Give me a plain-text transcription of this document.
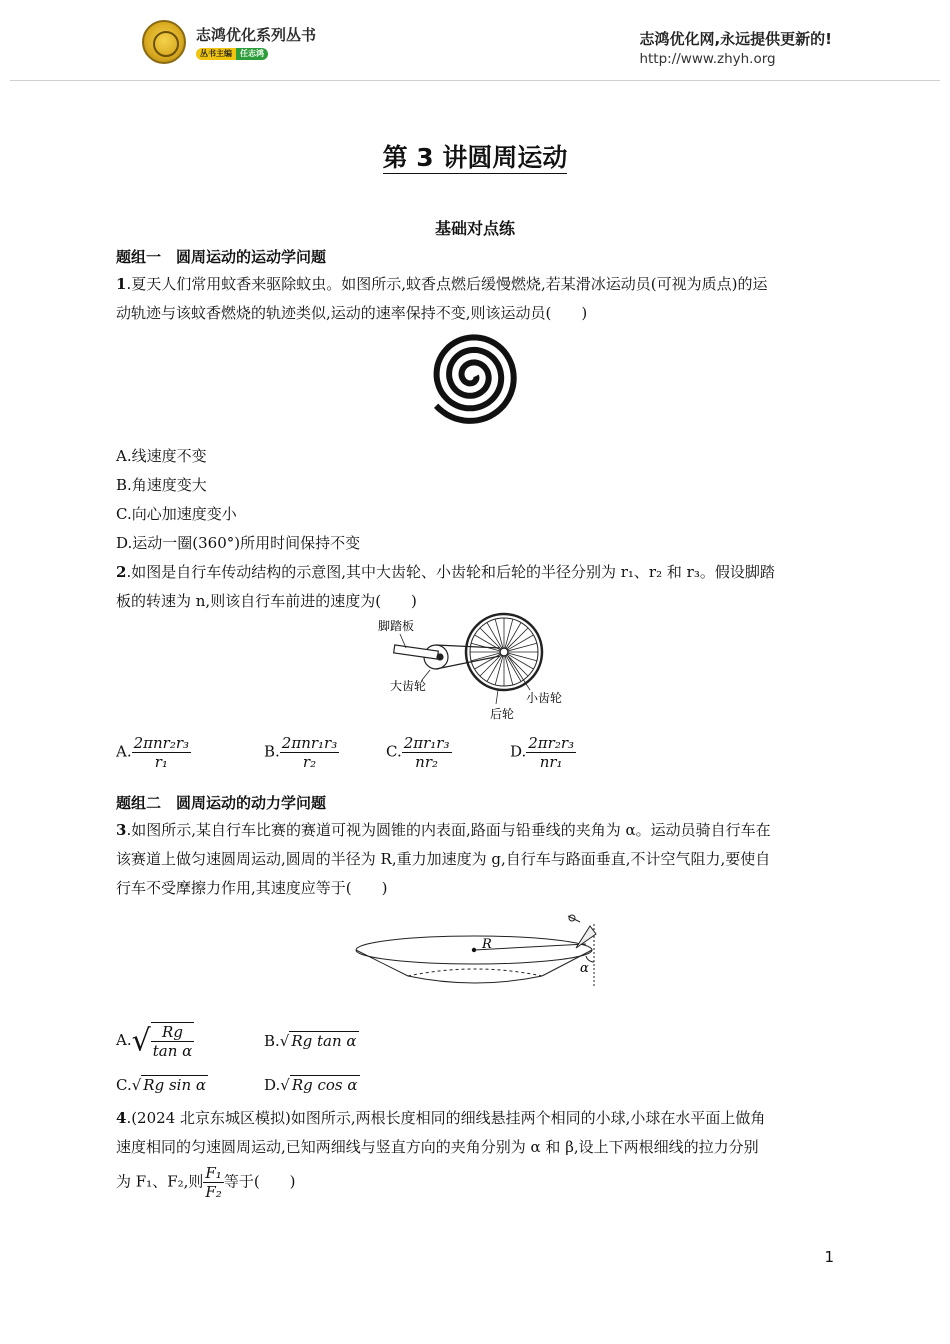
志鸿优化系列丛书
丛书主编	任志鸿
志鸿优化网,永远提供更新的!
http://www.zhyh.org
第 3 讲圆周运动
基础对点练
题组一　圆周运动的运动学问题
1.夏天人们常用蚊香来驱除蚊虫。如图所示,蚊香点燃后缓慢燃烧,若某滑冰运动员(可视为质点)的运
动轨迹与该蚊香燃烧的轨迹类似,运动的速率保持不变,则该运动员(　　)
A.线速度不变
B.角速度变大
C.向心加速度变小
D.运动一圈(360°)所用时间保持不变
2.如图是自行车传动结构的示意图,其中大齿轮、小齿轮和后轮的半径分别为 r₁、r₂ 和 r₃。假设脚踏
板的转速为 n,则该自行车前进的速度为(　　)
脚踏板
大齿轮
小齿轮
后轮
A. $\frac{\text{2πnr₂r₃}}{\text{r₁}}$	B. $\frac{\text{2πnr₁r₃}}{\text{r₂}}$	C. $\frac{\text{2πr₁r₃}}{\text{nr₂}}$	D. $\frac{\text{2πr₂r₃}}{\text{nr₁}}$
题组二　圆周运动的动力学问题
3.如图所示,某自行车比赛的赛道可视为圆锥的内表面,路面与铅垂线的夹角为 α。运动员骑自行车在
该赛道上做匀速圆周运动,圆周的半径为 R,重力加速度为 g,自行车与路面垂直,不计空气阻力,要使自
行车不受摩擦力作用,其速度应等于(　　)
R
α
$A.√ \frac{Rg}{\text{tan α}}$	B.√ Rg tan α
C.√ Rg sin α	D.√ Rg cos α
4.(2024 北京东城区模拟)如图所示,两根长度相同的细线悬挂两个相同的小球,小球在水平面上做角
速度相同的匀速圆周运动,已知两细线与竖直方向的夹角分别为 α 和 β,设上下两根细线的拉力分别
为 F₁、F₂,则 $\frac{\text{F₁}}{\text{F₂}}$ 等于(　　)
1
